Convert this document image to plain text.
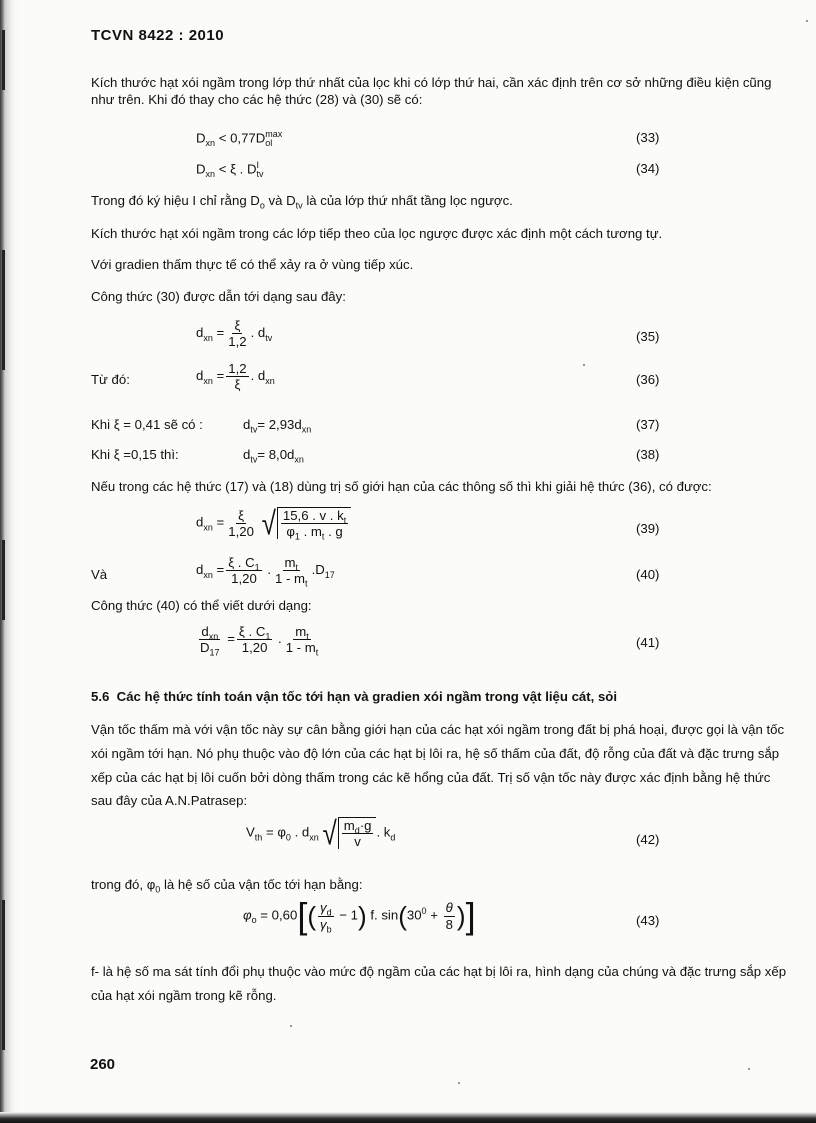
TCVN 8422 : 2010
Kích thước hạt xói ngầm trong lớp thứ nhất của lọc khi có lớp thứ hai, cần xác định trên cơ sở những điều kiện cũng như trên. Khi đó thay cho các hệ thức (28) và (30) sẽ có:
$D_{xn} < 0,77D$ max
ol	(33)
$D_{xn} < \xi$ . D I
tv	(34)
Trong đó ký hiệu I chỉ rằng $D_o$ và $D_{tv}$ là của lớp thứ nhất tầng lọc ngược.
Kích thước hạt xói ngầm trong các lớp tiếp theo của lọc ngược được xác định một cách tương tự.
Với gradien thấm thực tế có thể xảy ra ở vùng tiếp xúc.
Công thức (30) được dẫn tới dạng sau đây:
$d_{xn} = \frac{\xi}{1,2}$ . $d_{tv}$	(35)
Từ đó:	$d_{xn} = \frac{1,2}{\xi}$ . $d_{xn}$	(36)
Khi ξ = 0,41 sẽ có :	$d_{tv}= 2,93d_{xn}$	(37)
Khi ξ =0,15 thì:	$d_{tv}= 8,0d_{xn}$	(38)
Nếu trong các hệ thức (17) và (18) dùng trị số giới hạn của các thông số thì khi giải hệ thức (36), có được:
$d_{xn} = \frac{\xi}{1,20}$
√ $\frac{15,6 . v . k_t}{\varphi_1 . m_t . g}$	(39)
Và	$d_{xn} = \frac{\xi . C_1}{1,20}$ . $\frac{m_t}{1 - m_t} .D_{17}$	(40)
Công thức (40) có thể viết dưới dạng:
$\frac{d_{xn}}{D_{17}} = \frac{\xi . C_1}{1,20}$ . $\frac{m_t}{1 - m_t}$	(41)
5.6 Các hệ thức tính toán vận tốc tới hạn và gradien xói ngầm trong vật liệu cát, sỏi
Vận tốc thấm mà với vận tốc này sự cân bằng giới hạn của các hạt xói ngầm trong đất bị phá hoại, được gọi là vận tốc xói ngầm tới hạn. Nó phụ thuộc vào độ lớn của các hạt bị lôi ra, hệ số thấm của đất, độ rỗng của đất và đặc trưng sắp xếp của các hạt bị lôi cuốn bởi dòng thấm trong các kẽ hổng của đất. Trị số vận tốc này được xác định bằng hệ thức sau đây của A.N.Patrasep:
$V_{th} = \varphi_0$ . $d_{xn}$ √ $\frac{m_d\cdot g}{v}$ . $k_d$	(42)
trong đó, $\varphi_0$ là hệ số của vận tốc tới hạn bằng:
$\varphi_o = 0,60[( \frac{\gamma_d}{\gamma_b} - 1)$ f. $\sin(30^0 + \frac{\theta}{8}$ )]	(43)
f- là hệ số ma sát tính đổi phụ thuộc vào mức độ ngầm của các hạt bị lôi ra, hình dạng của chúng và đặc trưng sắp xếp của hạt xói ngầm trong kẽ rỗng.
260
